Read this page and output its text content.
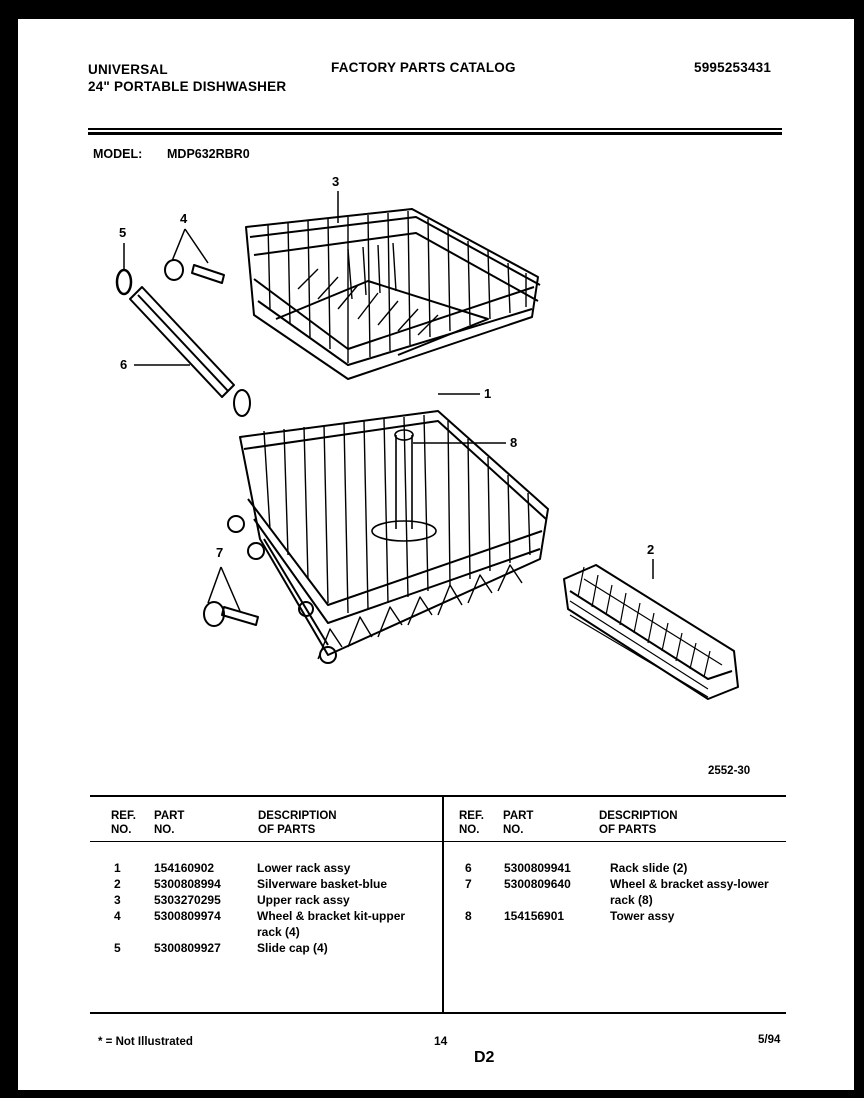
UNIVERSAL
24" PORTABLE DISHWASHER
FACTORY PARTS CATALOG	5995253431
MODEL: MDP632RBR0
3
5
4
6
1
8
2
7
2552-30
REF.
NO.
PART
NO.
DESCRIPTION
OF PARTS
REF.
NO.
PART
NO.
DESCRIPTION
OF PARTS
1	154160902	Lower rack assy
2	5300808994	Silverware basket-blue
3	5303270295	Upper rack assy
4	5300809974	Wheel & bracket kit-upper
rack (4)
5	5300809927	Slide cap (4)
6	5300809941	Rack slide (2)
7	5300809640	Wheel & bracket assy-lower
rack (8)
8	154156901	Tower assy
* = Not Illustrated	14
D2
5/94
